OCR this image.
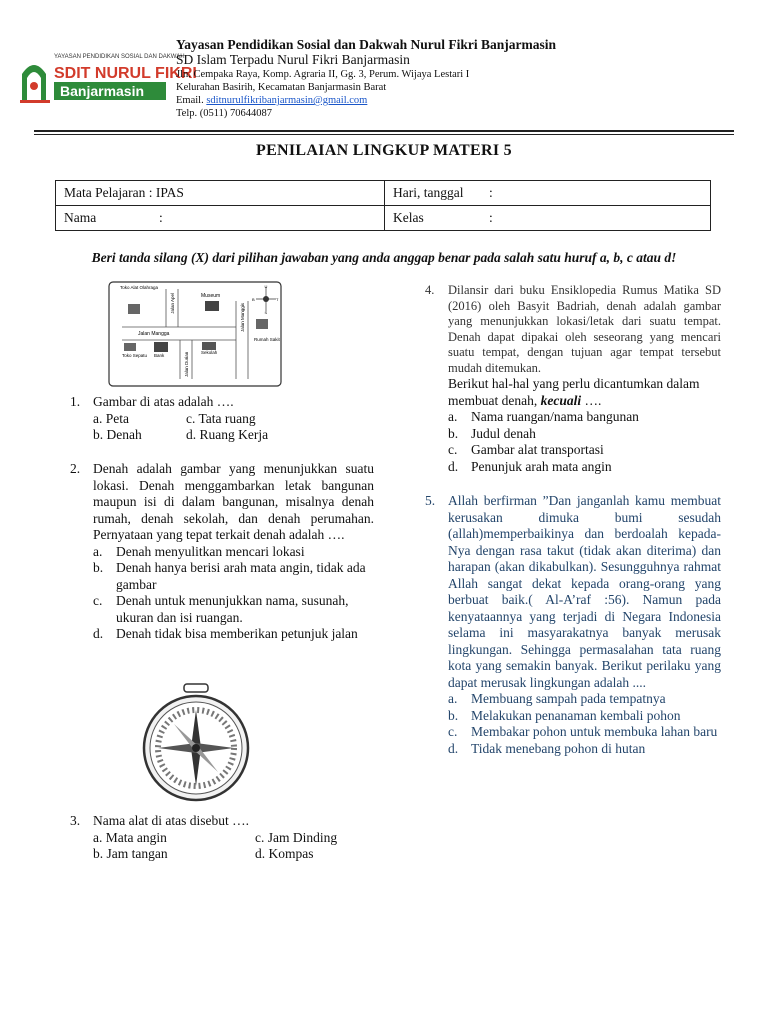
YAYASAN PENDIDIKAN SOSIAL DAN DAKWAH
SDIT NURUL FIKRI
Banjarmasin
Yayasan Pendidikan Sosial dan Dakwah Nurul Fikri Banjarmasin
SD Islam Terpadu Nurul Fikri Banjarmasin
Jln. Cempaka Raya, Komp. Agraria II, Gg. 3, Perum. Wijaya Lestari I
Kelurahan Basirih, Kecamatan Banjarmasin Barat
Email. sditnurulfikribanjarmasin@gmail.com
Telp. (0511) 70644087
PENILAIAN LINGKUP MATERI 5
Mata Pelajaran : IPAS	Hari, tanggal :
Nama :	Kelas :
Beri tanda silang (X) dari pilihan jawaban yang anda anggap benar pada salah satu huruf a, b, c atau d!
Toko Alat Olahraga
Jalan Apel	Museum
Jalan Mangga
Jalan Manggis
Rumah Sakit
Toko Sepatu Bank	Jalan Durian	Sekolah
U
S
T
B
1. Gambar di atas adalah ….
a. Peta	c. Tata ruang
b. Denah	d. Ruang Kerja
2. Denah adalah gambar yang menunjukkan suatu lokasi. Denah menggambarkan letak bangunan maupun isi di dalam bangunan, misalnya denah rumah, denah sekolah, dan denah perumahan. Pernyataan yang tepat terkait denah adalah ….
a. Denah menyulitkan mencari lokasi
b. Denah hanya berisi arah mata angin, tidak ada gambar
c. Denah untuk menunjukkan nama, susunah, ukuran dan isi ruangan.
d. Denah tidak bisa memberikan petunjuk jalan
3. Nama alat di atas disebut ….
a. Mata angin	c. Jam Dinding
b. Jam tangan	d. Kompas
4. Dilansir dari buku Ensiklopedia Rumus Matika SD (2016) oleh Basyit Badriah, denah adalah gambar yang menunjukkan lokasi/letak dari suatu tempat. Denah dapat dipakai oleh seseorang yang mencari suatu tempat, dengan tujuan agar tempat tersebut mudah ditemukan.
Berikut hal-hal yang perlu dicantumkan dalam membuat denah, kecuali ….
a. Nama ruangan/nama bangunan
b. Judul denah
c. Gambar alat transportasi
d. Penunjuk arah mata angin
5. Allah berfirman ”Dan janganlah kamu membuat kerusakan dimuka bumi sesudah (allah)memperbaikinya dan berdoalah kepada-Nya dengan rasa takut (tidak akan diterima) dan harapan (akan dikabulkan). Sesungguhnya rahmat Allah sangat dekat kepada orang-orang yang berbuat baik.( Al-A’raf :56). Namun pada kenyataannya yang terjadi di Negara Indonesia selama ini masyarakatnya banyak merusak lingkungan. Sehingga permasalahan tata ruang kota yang semakin banyak. Berikut perilaku yang dapat merusak lingkungan adalah ....
a. Membuang sampah pada tempatnya
b. Melakukan penanaman kembali pohon
c. Membakar pohon untuk membuka lahan baru
d. Tidak menebang pohon di hutan
